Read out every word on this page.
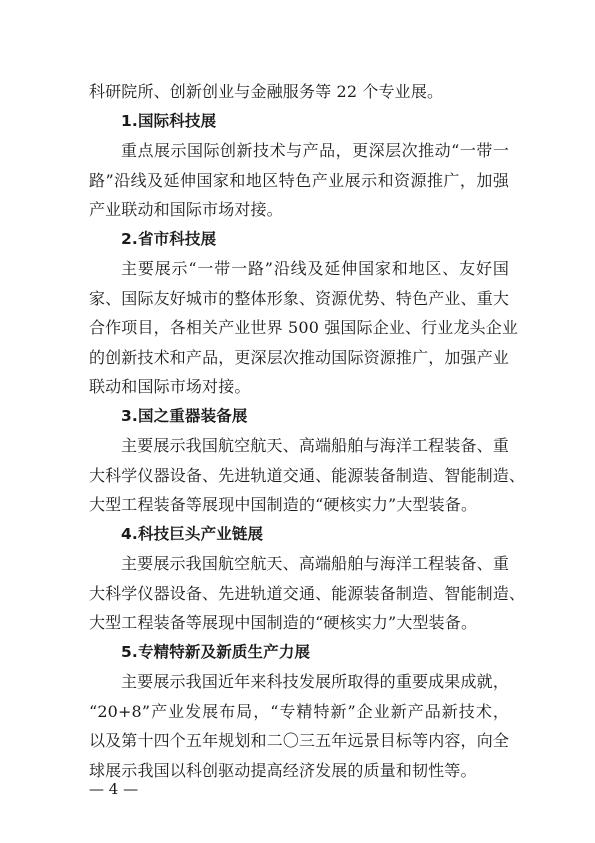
科研院所、创新创业与金融服务等 22 个专业展。
1.国际科技展
重点展示国际创新技术与产品，更深层次推动“一带一
路”沿线及延伸国家和地区特色产业展示和资源推广，加强
产业联动和国际市场对接。
2.省市科技展
主要展示“一带一路”沿线及延伸国家和地区、友好国
家、国际友好城市的整体形象、资源优势、特色产业、重大
合作项目，各相关产业世界 500 强国际企业、行业龙头企业
的创新技术和产品，更深层次推动国际资源推广，加强产业
联动和国际市场对接。
3.国之重器装备展
主要展示我国航空航天、高端船舶与海洋工程装备、重
大科学仪器设备、先进轨道交通、能源装备制造、智能制造、
大型工程装备等展现中国制造的“硬核实力”大型装备。
4.科技巨头产业链展
主要展示我国航空航天、高端船舶与海洋工程装备、重
大科学仪器设备、先进轨道交通、能源装备制造、智能制造、
大型工程装备等展现中国制造的“硬核实力”大型装备。
5.专精特新及新质生产力展
主要展示我国近年来科技发展所取得的重要成果成就，
“20+8”产业发展布局，“专精特新”企业新产品新技术，
以及第十四个五年规划和二〇三五年远景目标等内容，向全
球展示我国以科创驱动提高经济发展的质量和韧性等。
— 4 —
